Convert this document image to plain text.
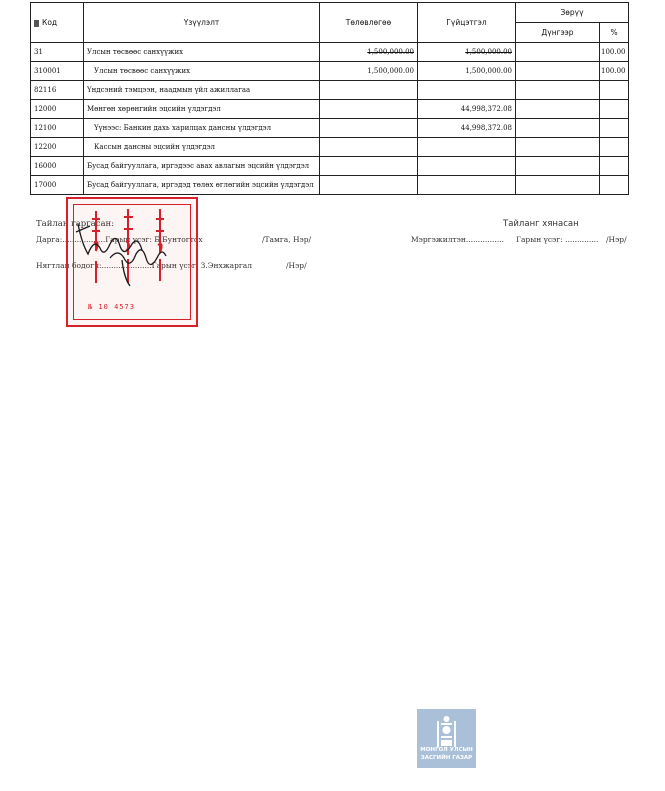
Код	Үзүүлэлт	Төлөвлөгөө	Гүйцэтгэл	Зөрүү	
				Дүнгээр	%
31	Улсын төсвөөс санхүүжих	1,500,000.00	1,500,000.00		100.00
310001	Улсын төсвөөс санхүүжих	1,500,000.00	1,500,000.00		100.00
82116	Үндсэний тэмцээн, наадмын үйл ажиллагаа				
12000	Мөнгөн хөрөнгийн эцсийн үлдэгдэл		44,998,372.08		
12100	Үүнээс: Банкин дахь харилцах дансны үлдэгдэл		44,998,372.08		
12200	Кассын дансны эцсийн үлдэгдэл				
16000	Бусад байгууллага, иргэдээс авах авлагын эцсийн үлдэгдэл				
17000	Бусад байгууллага, иргэдэд төлөх өглөгийн эцсийн үлдэгдэл				
Тайлан гаргасан:	Тайланг хянасан
Дарга:..................Гарын үсэг: Б.Бунтогтох	/Тамга, Нэр/	Мэргэжилтэн................ Гарын үсэг: .............. /Нэр/
Нягтлан бодогч:.....................Гарын үсэг: З.Энхжаргал	/Нэр/
№ 10 4573
МОНГОЛ УЛСЫН
ЗАСГИЙН ГАЗАР
